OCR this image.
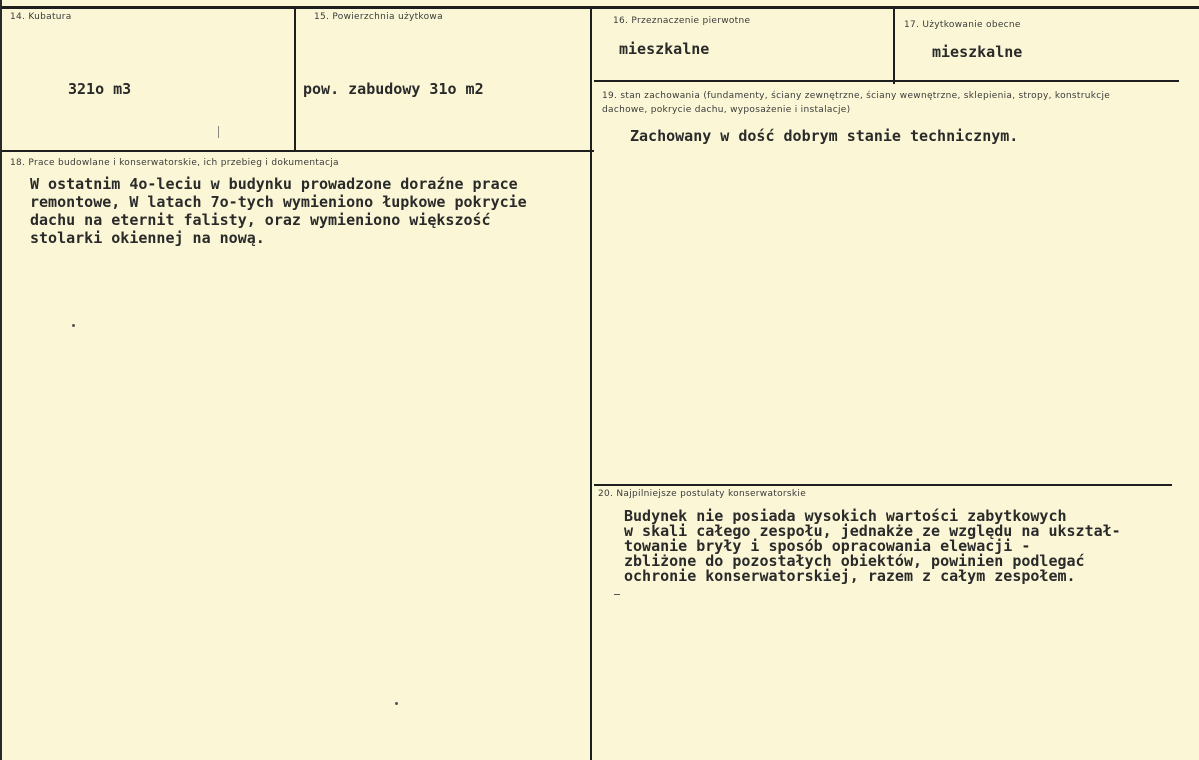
14. Kubatura
321o m3
15. Powierzchnia użytkowa
pow. zabudowy 31o m2
16. Przeznaczenie pierwotne
mieszkalne
17. Użytkowanie obecne
mieszkalne
18. Prace budowlane i konserwatorskie, ich przebieg i dokumentacja
W ostatnim 4o-leciu w budynku prowadzone doraźne prace
remontowe, W latach 7o-tych wymieniono łupkowe pokrycie
dachu na eternit falisty, oraz wymieniono większość
stolarki okiennej na nową.
19. stan zachowania (fundamenty, ściany zewnętrzne, ściany wewnętrzne, sklepienia, stropy, konstrukcje dachowe, pokrycie dachu, wyposażenie i instalacje)
Zachowany w dość dobrym stanie technicznym.
20. Najpilniejsze postulaty konserwatorskie
Budynek nie posiada wysokich wartości zabytkowych
w skali całego zespołu, jednakże ze względu na ukształ-
towanie bryły i sposób opracowania elewacji -
zbliżone do pozostałych obiektów, powinien podlegać
ochronie konserwatorskiej, razem z całym zespołem.
